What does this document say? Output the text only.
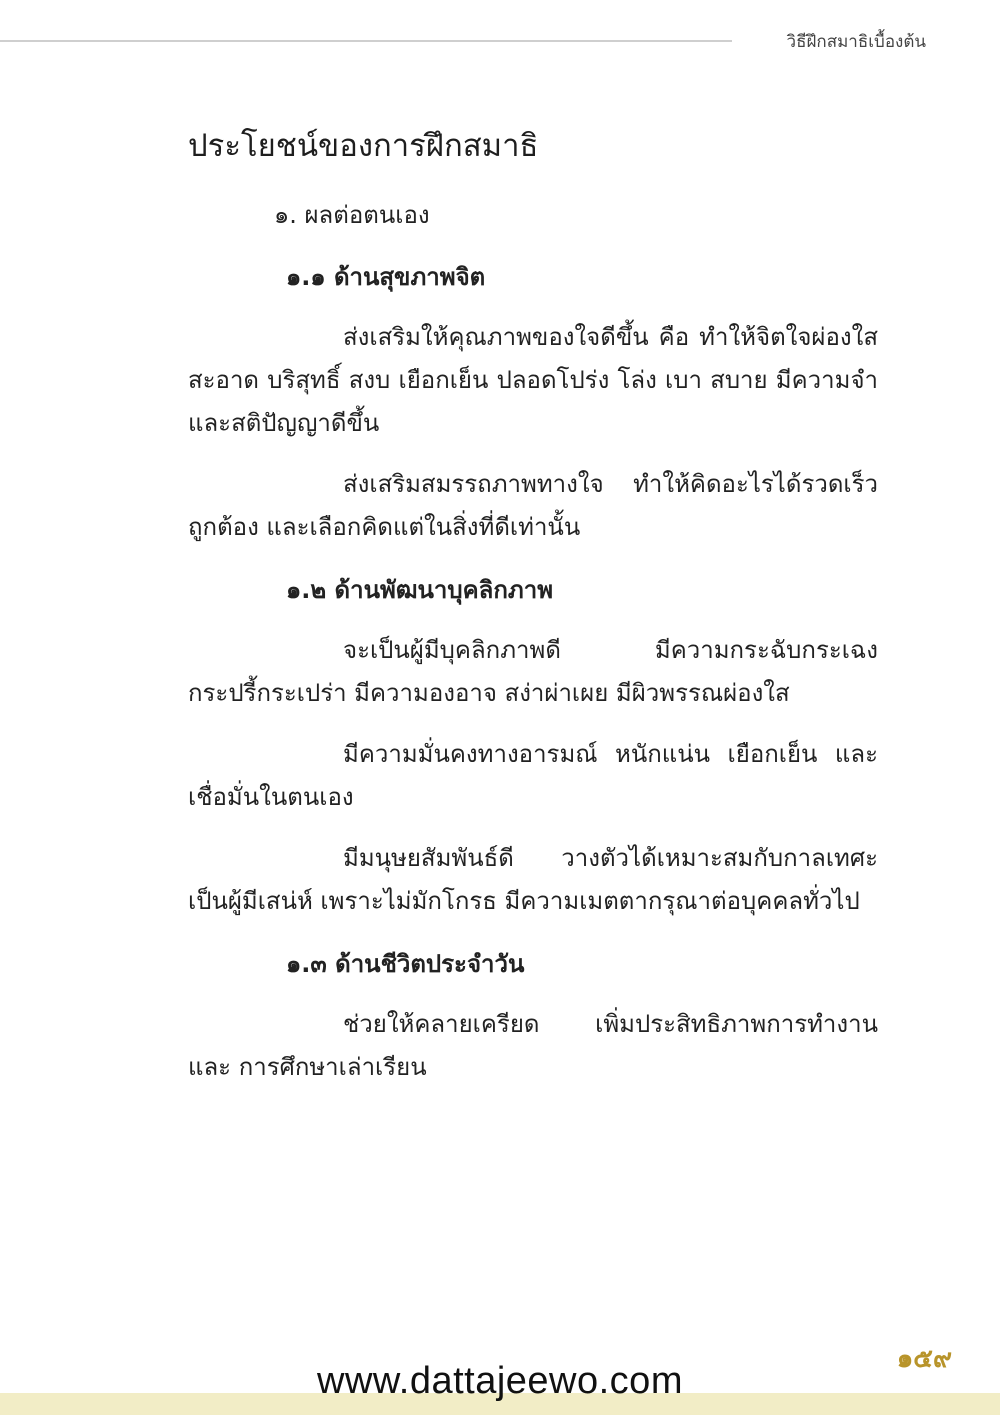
วิธีฝึกสมาธิเบื้องต้น
ประโยชน์ของการฝึกสมาธิ
๑. ผลต่อตนเอง
๑.๑ ด้านสุขภาพจิต

ส่งเสริมให้คุณภาพของใจดีขึ้น คือ ทำให้จิตใจผ่องใส สะอาด บริสุทธิ์ สงบ เยือกเย็น ปลอดโปร่ง โล่ง เบา สบาย มีความจำ และสติปัญญาดีขึ้น

ส่งเสริมสมรรถภาพทางใจ ทำให้คิดอะไรได้รวดเร็ว ถูกต้อง และเลือกคิดแต่ในสิ่งที่ดีเท่านั้น

๑.๒ ด้านพัฒนาบุคลิกภาพ

จะเป็นผู้มีบุคลิกภาพดี มีความกระฉับกระเฉง กระปรี้กระเปร่า มีความองอาจ สง่าผ่าเผย มีผิวพรรณผ่องใส

มีความมั่นคงทางอารมณ์ หนักแน่น เยือกเย็น และ เชื่อมั่นในตนเอง

มีมนุษยสัมพันธ์ดี วางตัวได้เหมาะสมกับกาลเทศะ เป็นผู้มีเสน่ห์ เพราะไม่มักโกรธ มีความเมตตากรุณาต่อบุคคลทั่วไป

๑.๓ ด้านชีวิตประจำวัน

ช่วยให้คลายเครียด เพิ่มประสิทธิภาพการทำงาน และ การศึกษาเล่าเรียน

๑๕๙
www.dattajeewo.com
